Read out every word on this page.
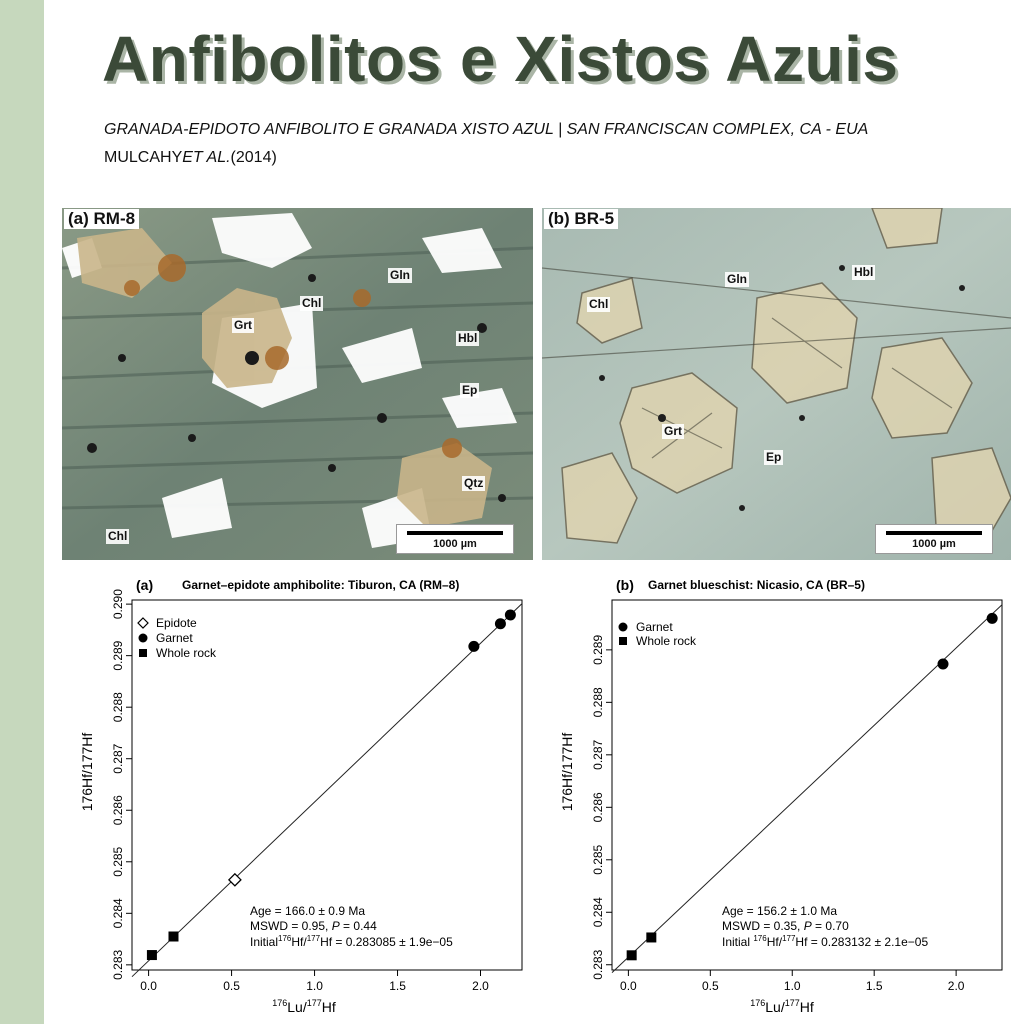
Anfibolitos e Xistos Azuis
GRANADA-EPIDOTO ANFIBOLITO E GRANADA XISTO AZUL | SAN FRANCISCAN COMPLEX, CA - EUA
MULCAHYET AL.(2014)
(a) RM-8
Gln
Chl
Grt
Hbl
Ep
Qtz
Chl
1000 µm
(b) BR-5
Chl
Gln	Hbl
Grt
Ep
1000 µm
(a) Garnet–epidote amphibolite: Tiburon, CA (RM–8)
176Hf/177Hf
$^{176}$Lu/$^{177}$Hf
Epidote
Garnet
Whole rock
Age = 166.0 ± 0.9 Ma
MSWD = 0.95, P = 0.44
Initial$^{176}$Hf/$^{177}$Hf = 0.283085 ± 1.9e−05
0.0	0.5	1.0	1.5	2.0
0.283
0.284
0.285
0.286
0.287
0.288
0.289
0.290
(b) Garnet blueschist: Nicasio, CA (BR–5)
176Hf/177Hf
$^{176}$Lu/$^{177}$Hf
Garnet
Whole rock
Age = 156.2 ± 1.0 Ma
MSWD = 0.35, P = 0.70
Initial $^{176}$Hf/$^{177}$Hf = 0.283132 ± 2.1e−05
0.0	0.5	1.0	1.5	2.0
0.283
0.284
0.285
0.286
0.287
0.288
0.289
